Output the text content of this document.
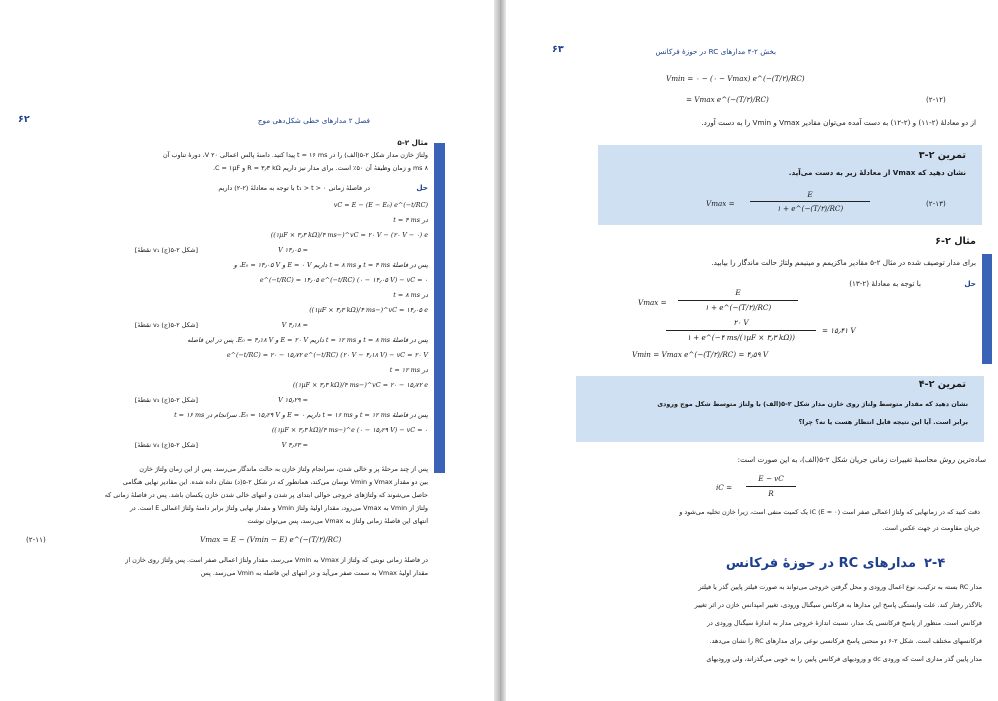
۶۲	فصل ۲ مدارهای خطی شکل‌دهی موج
مثال ۲-۵
ولتاژ خازن مدار شکل ۲-۵(الف) را در t = ۱۶ ms پیدا کنید. دامنهٔ پالس اعمالی ۲۰ V، دورهٔ تناوب آن
۸ ms و زمان وظیفهٔ آن ۵۰٪ است. برای مدار نیز داریم R = ۳٫۳ kΩ و C = ۱µF.
حل
در فاصلهٔ زمانی t₁ > t > ۰ با توجه به معادلهٔ (۲-۲) داریم
vC = E − (E − E₀) e^(−t/RC)
در t = ۴ ms
vC = ۲۰ V − (۲۰ V − ۰) e^(−۴ ms/(۱µF × ۳٫۳ kΩ))
= ۱۴٫۰۵ V
[نقطهٔ v₁ شکل ۲-۵(ج)]
پس در فاصلهٔ t = ۴ ms و t = ۸ ms داریم E = ۰ V و E₀ = ۱۴٫۰۵ V، و
vC = ۰ − (۰ − ۱۴٫۰۵ V) e^(−t/RC) = ۱۴٫۰۵ e^(−t/RC)
در t = ۸ ms
vC = ۱۴٫۰۵ e^(−۴ ms/(۱µF × ۳٫۳ kΩ))
= ۴٫۱۸ V
[نقطهٔ v₂ شکل ۲-۵(ج)]
پس در فاصلهٔ t = ۸ ms و t = ۱۲ ms داریم E = ۲۰ V و E₀ = ۴٫۱۸ V. پس در این فاصله
vC = ۲۰ V − (۲۰ V − ۴٫۱۸ V) e^(−t/RC) = ۲۰ − ۱۵٫۷۲ e^(−t/RC)
در t = ۱۲ ms
vC = ۲۰ − ۱۵٫۷۲ e^(−۴ ms/(۱µF × ۳٫۳ kΩ))
= ۱۵٫۲۹ V
[نقطهٔ v₃ شکل ۲-۵(ج)]
پس در فاصلهٔ t = ۱۲ ms و t = ۱۶ ms داریم E = ۰ و E₀ = ۱۵٫۲۹ V. سرانجام در t = ۱۶ ms
vC = ۰ − (۰ − ۱۵٫۲۹ V) e^(−۴ ms/(۱µF × ۳٫۳ kΩ))
= ۴٫۶۳ V
[نقطهٔ v₄ شکل ۲-۵(ج)]
پس از چند مرحلهٔ پر و خالی شدن، سرانجام ولتاژ خازن به حالت ماندگار می‌رسد. پس از این زمان ولتاژ خازن
بین دو مقدار Vmax و Vmin نوسان می‌کند، همانطور که در شکل ۲-۵(د) نشان داده شده. این مقادیر نهایی هنگامی
حاصل می‌شوند که ولتاژهای خروجی حوالی ابتدای پر شدن و انتهای خالی شدن خازن یکسان باشد. پس در فاصلهٔ زمانی که
ولتاژ از Vmin به Vmax می‌رود، مقدار اولیهٔ ولتاژ Vmin و مقدار نهایی ولتاژ برابر دامنهٔ ولتاژ اعمالی E است. در
انتهای این فاصلهٔ زمانی ولتاژ به Vmax می‌رسد، پس می‌توان نوشت
Vmax = E − (Vmin − E) e^(−(T/۲)/RC)
(۲-۱۱)
در فاصلهٔ زمانی نوبتی که ولتاژ از Vmax به Vmin می‌رسد، مقدار ولتاژ اعمالی صفر است. پس ولتاژ روی خازن از
مقدار اولیهٔ Vmax به سمت صفر می‌آید و در انتهای این فاصله به Vmin می‌رسد. پس
۶۳	بخش ۲-۴ مدارهای RC در حوزهٔ فرکانس
Vmin = ۰ − (۰ − Vmax) e^(−(T/۲)/RC)
= Vmax e^(−(T/۲)/RC)	(۲-۱۲)
از دو معادلهٔ (۲-۱۱) و (۲-۱۲) به دست آمده می‌توان مقادیر Vmax و Vmin را به دست آورد.
تمرین ۲-۳
نشان دهید که Vmax از معادلهٔ زیر به دست می‌آید.
Vmax =
E
۱ + e^(−(T/۲)/RC)
(۲-۱۳)
مثال ۲-۶
برای مدار توصیف شده در مثال ۲-۵ مقادیر ماکزیمم و مینیمم ولتاژ حالت ماندگار را بیابید.
حل
با توجه به معادلهٔ (۲-۱۳)
Vmax =
E
۱ + e^(−(T/۲)/RC)
۲۰ V
۱ + e^(−۴ ms/(۱µF × ۳٫۳ kΩ))
= ۱۵٫۴۱ V
Vmin = Vmax e^(−(T/۲)/RC) = ۴٫۵۹ V
تمرین ۲-۴
نشان دهید که مقدار متوسط ولتاژ روی خازن مدار شکل ۲-۵(الف) با ولتاژ متوسط شکل موج ورودی
برابر است. آیا این نتیجه قابل انتظار هست یا نه؟ چرا؟
ساده‌ترین روش محاسبهٔ تغییرات زمانی جریان شکل ۲-۵(الف)، به این صورت است:
iC =
E − vC
R
دقت کنید که در زمانهایی که ولتاژ اعمالی صفر است (E = ۰) iC یک کمیت منفی است، زیرا خازن تخلیه می‌شود و
جریان مقاومت در جهت عکس است.
۲-۴
مدارهای RC در حوزهٔ فرکانس
مدار RC بسته به ترکیب، نوع اعمال ورودی و محل گرفتن خروجی می‌تواند به صورت فیلتر پایین گذر یا فیلتر
بالاگذر رفتار کند. علت وابستگی پاسخ این مدارها به فرکانس سیگنال ورودی، تغییر امپدانس خازن در اثر تغییر
فرکانس است. منظور از پاسخ فرکانسی یک مدار، نسبت اندازهٔ خروجی مدار به اندازهٔ سیگنال ورودی در
فرکانسهای مختلف است. شکل ۲-۶ دو منحنی پاسخ فرکانسی نوعی برای مدارهای RC را نشان می‌دهد.
مدار پایین گذر مداری است که ورودی dc و ورودیهای فرکانس پایین را به خوبی می‌گذراند، ولی ورودیهای
